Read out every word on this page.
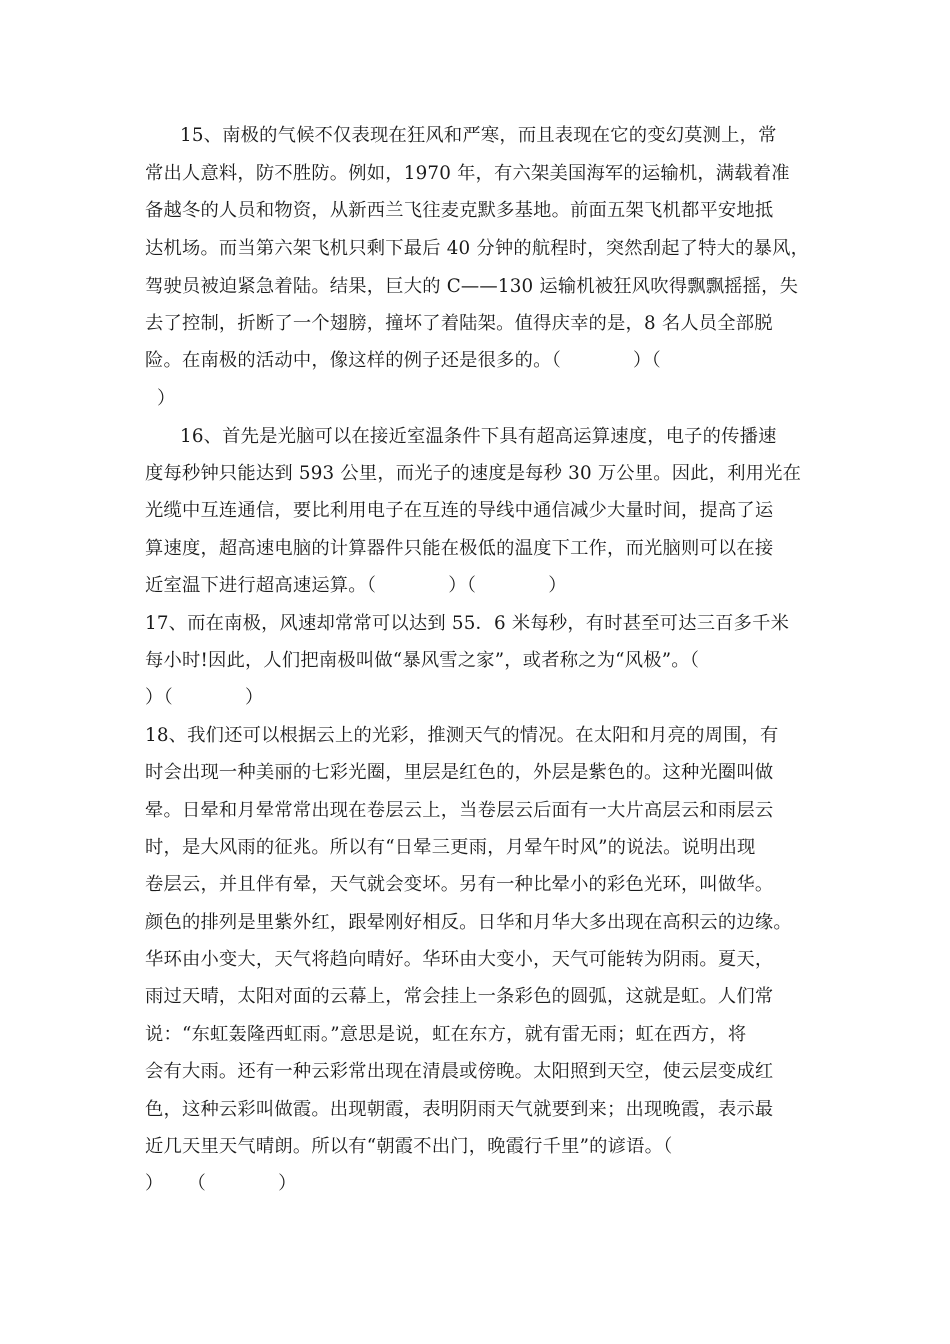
15、南极的气候不仅表现在狂风和严寒，而且表现在它的变幻莫测上，常
常出人意料，防不胜防。例如，1970 年，有六架美国海军的运输机，满载着准
备越冬的人员和物资，从新西兰飞往麦克默多基地。前面五架飞机都平安地抵
达机场。而当第六架飞机只剩下最后 40 分钟的航程时，突然刮起了特大的暴风，
驾驶员被迫紧急着陆。结果，巨大的 C——130 运输机被狂风吹得飘飘摇摇，失
去了控制，折断了一个翅膀，撞坏了着陆架。值得庆幸的是，8 名人员全部脱
险。在南极的活动中，像这样的例子还是很多的。（            ）（
）
16、首先是光脑可以在接近室温条件下具有超高运算速度，电子的传播速
度每秒钟只能达到 593 公里，而光子的速度是每秒 30 万公里。因此，利用光在
光缆中互连通信，要比利用电子在互连的导线中通信减少大量时间，提高了运
算速度，超高速电脑的计算器件只能在极低的温度下工作，而光脑则可以在接
近室温下进行超高速运算。（            ）（            ）
17、而在南极，风速却常常可以达到 55．6 米每秒，有时甚至可达三百多千米
每小时!因此，人们把南极叫做“暴风雪之家”，或者称之为“风极”。（
）（            ）
18、我们还可以根据云上的光彩，推测天气的情况。在太阳和月亮的周围，有
时会出现一种美丽的七彩光圈，里层是红色的，外层是紫色的。这种光圈叫做
晕。日晕和月晕常常出现在卷层云上，当卷层云后面有一大片高层云和雨层云
时，是大风雨的征兆。所以有“日晕三更雨，月晕午时风”的说法。说明出现
卷层云，并且伴有晕，天气就会变坏。另有一种比晕小的彩色光环，叫做华。
颜色的排列是里紫外红，跟晕刚好相反。日华和月华大多出现在高积云的边缘。
华环由小变大，天气将趋向晴好。华环由大变小，天气可能转为阴雨。夏天，
雨过天晴，太阳对面的云幕上，常会挂上一条彩色的圆弧，这就是虹。人们常
说：“东虹轰隆西虹雨。”意思是说，虹在东方，就有雷无雨；虹在西方，将
会有大雨。还有一种云彩常出现在清晨或傍晚。太阳照到天空，使云层变成红
色，这种云彩叫做霞。出现朝霞，表明阴雨天气就要到来；出现晚霞，表示最
近几天里天气晴朗。所以有“朝霞不出门，晚霞行千里”的谚语。（
）    （            ）
